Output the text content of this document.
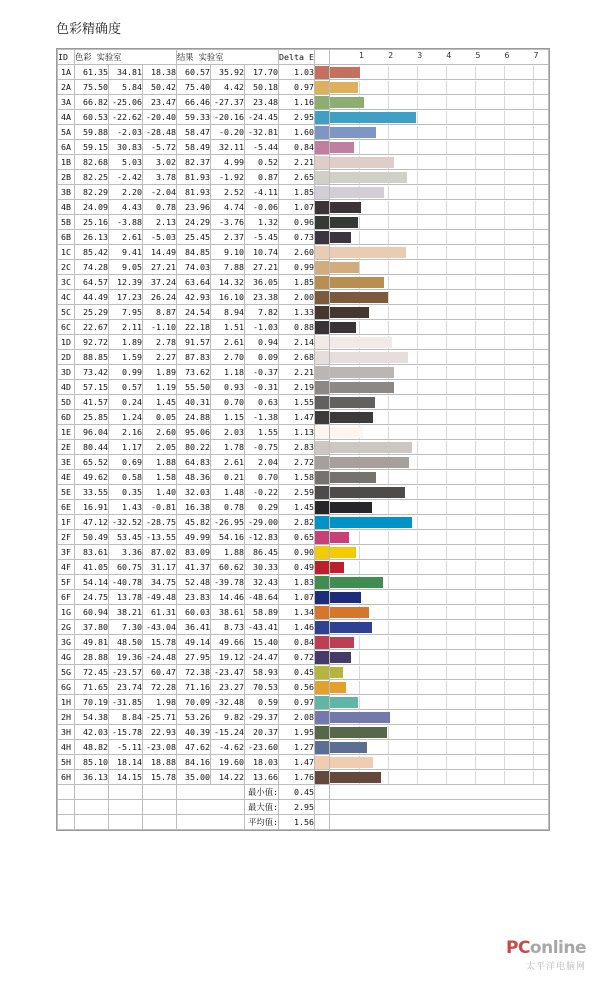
色彩精确度
ID	色彩 实验室	结果 实验室	Delta E		1	2	3	4	5	6	7

1A	61.35	34.81	18.38	60.57	35.92	17.70	1.03	

2A	75.50	5.84	50.42	75.40	4.42	50.18	0.97	

3A	66.82	-25.06	23.47	66.46	-27.37	23.48	1.16	

4A	60.53	-22.62	-20.40	59.33	-20.16	-24.45	2.95	

5A	59.88	-2.03	-28.48	58.47	-0.20	-32.81	1.60	

6A	59.15	30.83	-5.72	58.49	32.11	-5.44	0.84	

1B	82.68	5.03	3.02	82.37	4.99	0.52	2.21	

2B	82.25	-2.42	3.78	81.93	-1.92	0.87	2.65	

3B	82.29	2.20	-2.04	81.93	2.52	-4.11	1.85	

4B	24.09	4.43	0.78	23.96	4.74	-0.06	1.07	

5B	25.16	-3.88	2.13	24.29	-3.76	1.32	0.96	

6B	26.13	2.61	-5.03	25.45	2.37	-5.45	0.73	

1C	85.42	9.41	14.49	84.85	9.10	10.74	2.60	

2C	74.28	9.05	27.21	74.03	7.88	27.21	0.99	

3C	64.57	12.39	37.24	63.64	14.32	36.05	1.85	

4C	44.49	17.23	26.24	42.93	16.10	23.38	2.00	

5C	25.29	7.95	8.87	24.54	8.94	7.82	1.33	

6C	22.67	2.11	-1.10	22.18	1.51	-1.03	0.88	

1D	92.72	1.89	2.78	91.57	2.61	0.94	2.14	

2D	88.85	1.59	2.27	87.83	2.70	0.09	2.68	

3D	73.42	0.99	1.89	73.62	1.18	-0.37	2.21	

4D	57.15	0.57	1.19	55.50	0.93	-0.31	2.19	

5D	41.57	0.24	1.45	40.31	0.70	0.63	1.55	

6D	25.85	1.24	0.05	24.88	1.15	-1.38	1.47	

1E	96.04	2.16	2.60	95.06	2.03	1.55	1.13	

2E	80.44	1.17	2.05	80.22	1.78	-0.75	2.83	

3E	65.52	0.69	1.88	64.83	2.61	2.04	2.72	

4E	49.62	0.58	1.58	48.36	0.21	0.70	1.58	

5E	33.55	0.35	1.40	32.03	1.48	-0.22	2.59	

6E	16.91	1.43	-0.81	16.38	0.78	0.29	1.45	

1F	47.12	-32.52	-28.75	45.82	-26.95	-29.00	2.82	

2F	50.49	53.45	-13.55	49.99	54.16	-12.83	0.65	

3F	83.61	3.36	87.02	83.09	1.88	86.45	0.90	

4F	41.05	60.75	31.17	41.37	60.62	30.33	0.49	

5F	54.14	-40.78	34.75	52.48	-39.78	32.43	1.83	

6F	24.75	13.78	-49.48	23.83	14.46	-48.64	1.07	

1G	60.94	38.21	61.31	60.03	38.61	58.89	1.34	

2G	37.80	7.30	-43.04	36.41	8.73	-43.41	1.46	

3G	49.81	48.50	15.78	49.14	49.66	15.40	0.84	

4G	28.88	19.36	-24.48	27.95	19.12	-24.47	0.72	

5G	72.45	-23.57	60.47	72.38	-23.47	58.93	0.45	

6G	71.65	23.74	72.28	71.16	23.27	70.53	0.56	

1H	70.19	-31.85	1.98	70.09	-32.48	0.59	0.97	

2H	54.38	8.84	-25.71	53.26	9.82	-29.37	2.08	

3H	42.03	-15.78	22.93	40.39	-15.24	20.37	1.95	

4H	48.82	-5.11	-23.08	47.62	-4.62	-23.60	1.27	

5H	85.10	18.14	18.88	84.16	19.60	18.03	1.47	

6H	36.13	14.15	15.78	35.00	14.22	13.66	1.76	

						最小值:	0.45		
						最大值:	2.95		
						平均值:	1.56		
PConline
太平洋电脑网
